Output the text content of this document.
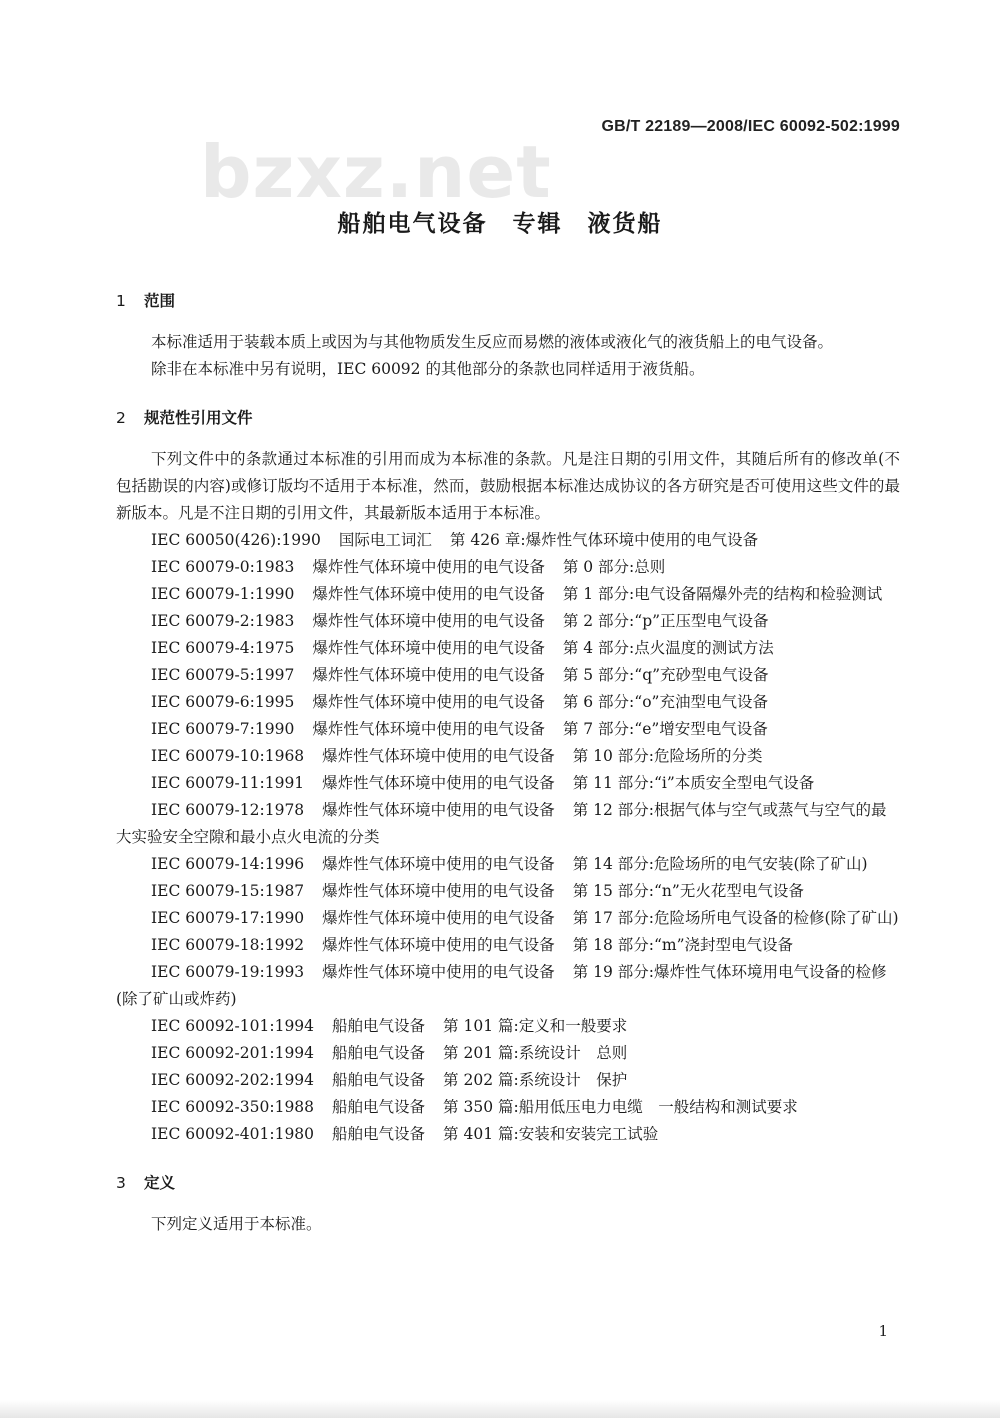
bzxz.net
GB/T 22189—2008/IEC 60092-502:1999
船舶电气设备　专辑　液货船
1 范围

本标准适用于装载本质上或因为与其他物质发生反应而易燃的液体或液化气的液货船上的电气设备。

除非在本标准中另有说明，IEC 60092 的其他部分的条款也同样适用于液货船。

2 规范性引用文件

下列文件中的条款通过本标准的引用而成为本标准的条款。凡是注日期的引用文件，其随后所有的修改单(不包括勘误的内容)或修订版均不适用于本标准，然而，鼓励根据本标准达成协议的各方研究是否可使用这些文件的最新版本。凡是不注日期的引用文件，其最新版本适用于本标准。

IEC 60050(426):1990 国际电工词汇 第 426 章:爆炸性气体环境中使用的电气设备
IEC 60079-0:1983 爆炸性气体环境中使用的电气设备 第 0 部分:总则
IEC 60079-1:1990 爆炸性气体环境中使用的电气设备 第 1 部分:电气设备隔爆外壳的结构和检验测试
IEC 60079-2:1983 爆炸性气体环境中使用的电气设备 第 2 部分:“p”正压型电气设备
IEC 60079-4:1975 爆炸性气体环境中使用的电气设备 第 4 部分:点火温度的测试方法
IEC 60079-5:1997 爆炸性气体环境中使用的电气设备 第 5 部分:“q”充砂型电气设备
IEC 60079-6:1995 爆炸性气体环境中使用的电气设备 第 6 部分:“o”充油型电气设备
IEC 60079-7:1990 爆炸性气体环境中使用的电气设备 第 7 部分:“e”增安型电气设备
IEC 60079-10:1968 爆炸性气体环境中使用的电气设备 第 10 部分:危险场所的分类
IEC 60079-11:1991 爆炸性气体环境中使用的电气设备 第 11 部分:“i”本质安全型电气设备
IEC 60079-12:1978 爆炸性气体环境中使用的电气设备 第 12 部分:根据气体与空气或蒸气与空气的最大实验安全空隙和最小点火电流的分类
IEC 60079-14:1996 爆炸性气体环境中使用的电气设备 第 14 部分:危险场所的电气安装(除了矿山)
IEC 60079-15:1987 爆炸性气体环境中使用的电气设备 第 15 部分:“n”无火花型电气设备
IEC 60079-17:1990 爆炸性气体环境中使用的电气设备 第 17 部分:危险场所电气设备的检修(除了矿山)
IEC 60079-18:1992 爆炸性气体环境中使用的电气设备 第 18 部分:“m”浇封型电气设备
IEC 60079-19:1993 爆炸性气体环境中使用的电气设备 第 19 部分:爆炸性气体环境用电气设备的检修(除了矿山或炸药)
IEC 60092-101:1994 船舶电气设备 第 101 篇:定义和一般要求
IEC 60092-201:1994 船舶电气设备 第 201 篇:系统设计　总则
IEC 60092-202:1994 船舶电气设备 第 202 篇:系统设计　保护
IEC 60092-350:1988 船舶电气设备 第 350 篇:船用低压电力电缆　一般结构和测试要求
IEC 60092-401:1980 船舶电气设备 第 401 篇:安装和安装完工试验
3 定义

下列定义适用于本标准。

1
